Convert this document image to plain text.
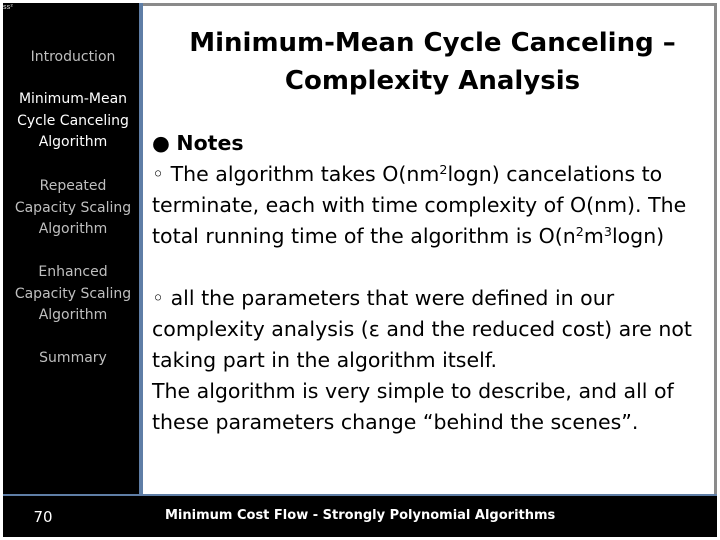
ss²
Introduction
Minimum-Mean
Cycle Canceling
Algorithm
Repeated
Capacity Scaling
Algorithm
Enhanced
Capacity Scaling
Algorithm
Summary
70	Minimum Cost Flow - Strongly Polynomial Algorithms
Minimum-Mean Cycle Canceling –
Complexity Analysis
● Notes

◦ The algorithm takes $O(nm^2\log n)$ cancelations to terminate, each with time complexity of O(nm). The total running time of the algorithm is $O(n^2m^3\log n)$

◦ all the parameters that were defined in our complexity analysis (ε and the reduced cost) are not taking part in the algorithm itself.

The algorithm is very simple to describe, and all of these parameters change “behind the scenes”.
